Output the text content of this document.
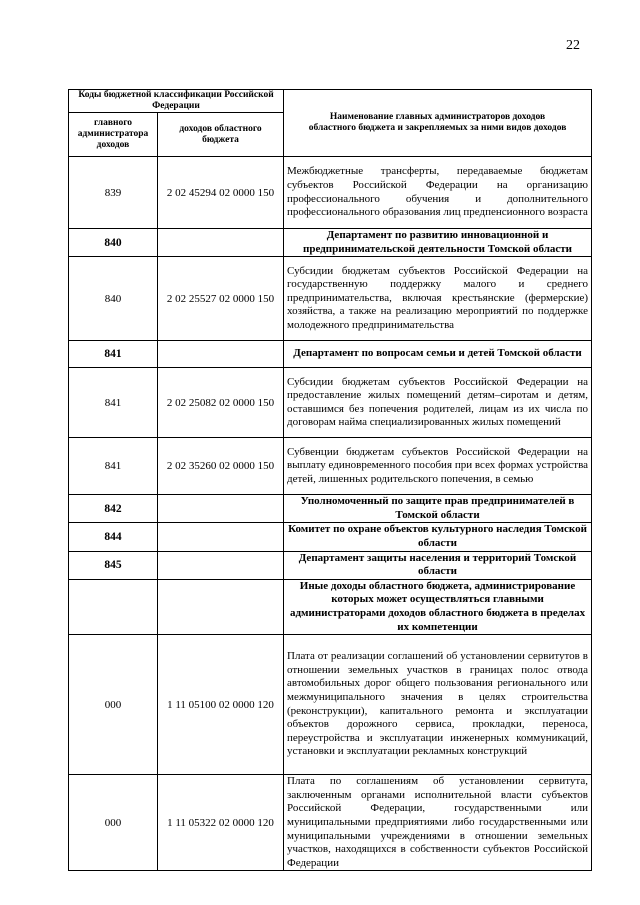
22
Коды бюджетной классификации Российской Федерации		Наименование главных администраторов доходов областного бюджета и закрепляемых за ними видов доходов
главного администратора доходов	доходов областного бюджета	
839	2 02 45294 02 0000 150	Межбюджетные трансферты, передаваемые бюджетам субъектов Российской Федерации на организацию профессионального обучения и дополнительного профессионального образования лиц предпенсионного возраста
840		Департамент по развитию инновационной и предпринимательской деятельности Томской области
840	2 02 25527 02 0000 150	Субсидии бюджетам субъектов Российской Федерации на государственную поддержку малого и среднего предпринимательства, включая крестьянские (фермерские) хозяйства, а также на реализацию мероприятий по поддержке молодежного предпринимательства
841		Департамент по вопросам семьи и детей Томской области
841	2 02 25082 02 0000 150	Субсидии бюджетам субъектов Российской Федерации на предоставление жилых помещений детям–сиротам и детям, оставшимся без попечения родителей, лицам из их числа по договорам найма специализированных жилых помещений
841	2 02 35260 02 0000 150	Субвенции бюджетам субъектов Российской Федерации на выплату единовременного пособия при всех формах устройства детей, лишенных родительского попечения, в семью
842		Уполномоченный по защите прав предпринимателей в Томской области
844		Комитет по охране объектов культурного наследия Томской области
845		Департамент защиты населения и территорий Томской области
		Иные доходы областного бюджета, администрирование которых может осуществляться главными администраторами доходов областного бюджета в пределах их компетенции
000	1 11 05100 02 0000 120	Плата от реализации соглашений об установлении сервитутов в отношении земельных участков в границах полос отвода автомобильных дорог общего пользования регионального или межмуниципального значения в целях строительства (реконструкции), капитального ремонта и эксплуатации объектов дорожного сервиса, прокладки, переноса, переустройства и эксплуатации инженерных коммуникаций, установки и эксплуатации рекламных конструкций
000	1 11 05322 02 0000 120	Плата по соглашениям об установлении сервитута, заключенным органами исполнительной власти субъектов Российской Федерации, государственными или муниципальными предприятиями либо государственными или муниципальными учреждениями в отношении земельных участков, находящихся в собственности субъектов Российской Федерации
